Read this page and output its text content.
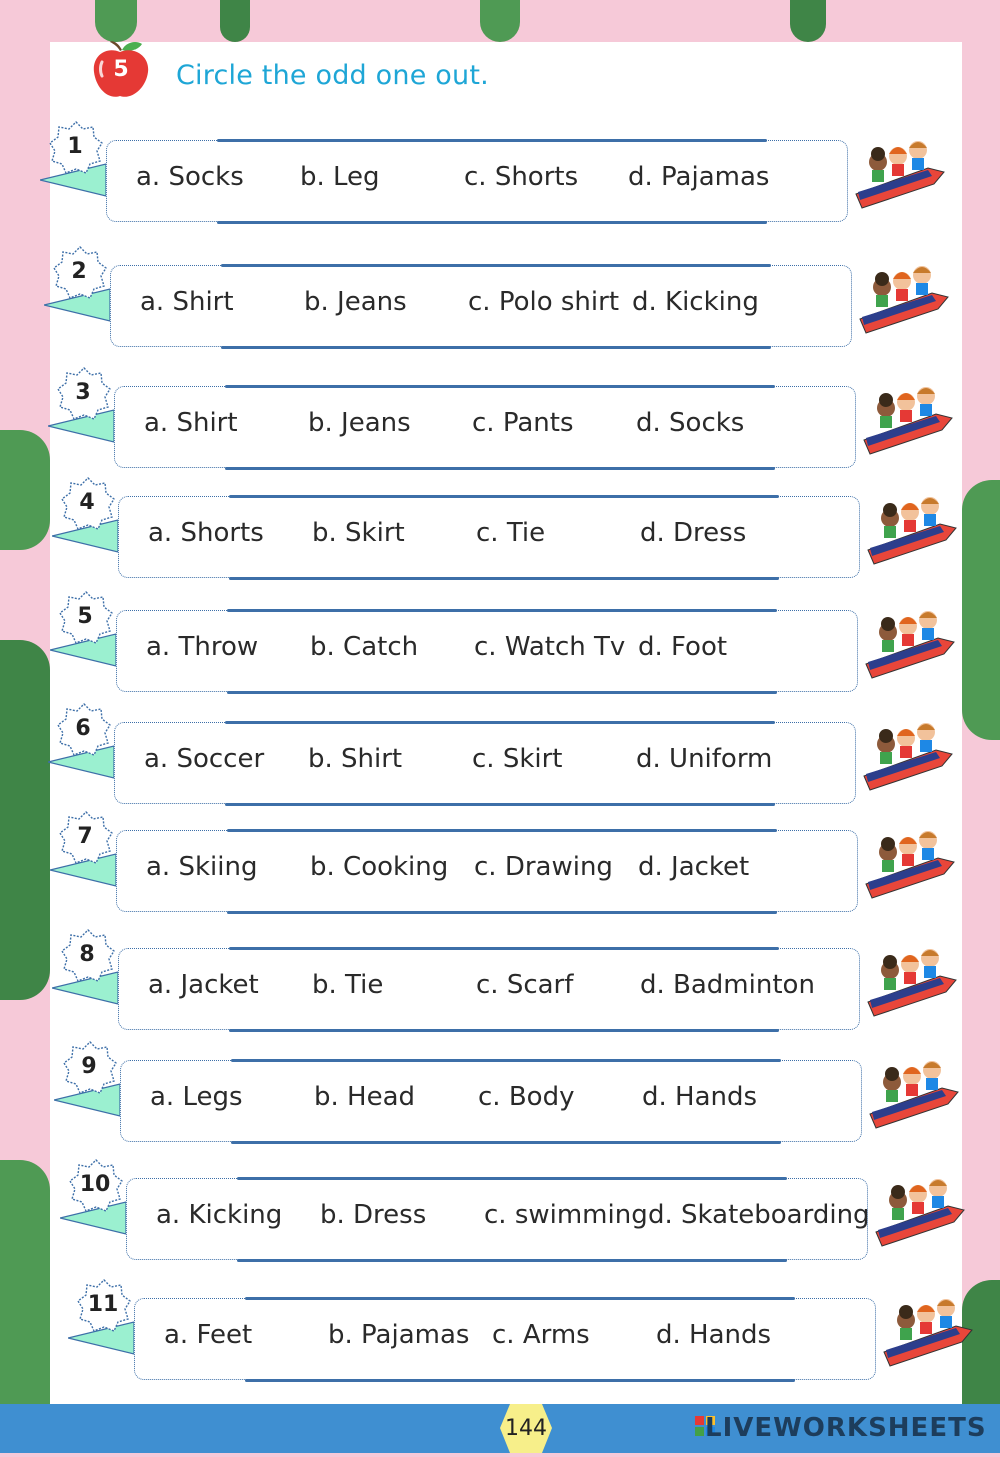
5 Circle the odd one out.
1
a. Socks b. Leg	c. Shorts d. Pajamas
2
a. Shirt	b. Jeans c. Polo shirt d. Kicking
3
a. Shirt	b. Jeans c. Pants d. Socks
4
a. Shorts b. Skirt	c. Tie	d. Dress
5
a. Throw b. Catch c. Watch Tv d. Foot
6
a. Soccer b. Shirt	c. Skirt	d. Uniform
7
a. Skiing b. Cooking c. Drawing d. Jacket
8
a. Jacket b. Tie	c. Scarf	d. Badminton
9
a. Legs	b. Head c. Body	d. Hands
10
a. Kicking b. Dress c. swimming d. Skateboarding
11
a. Feet	b. Pajamas c. Arms	d. Hands
144	LIVEWORKSHEETS
